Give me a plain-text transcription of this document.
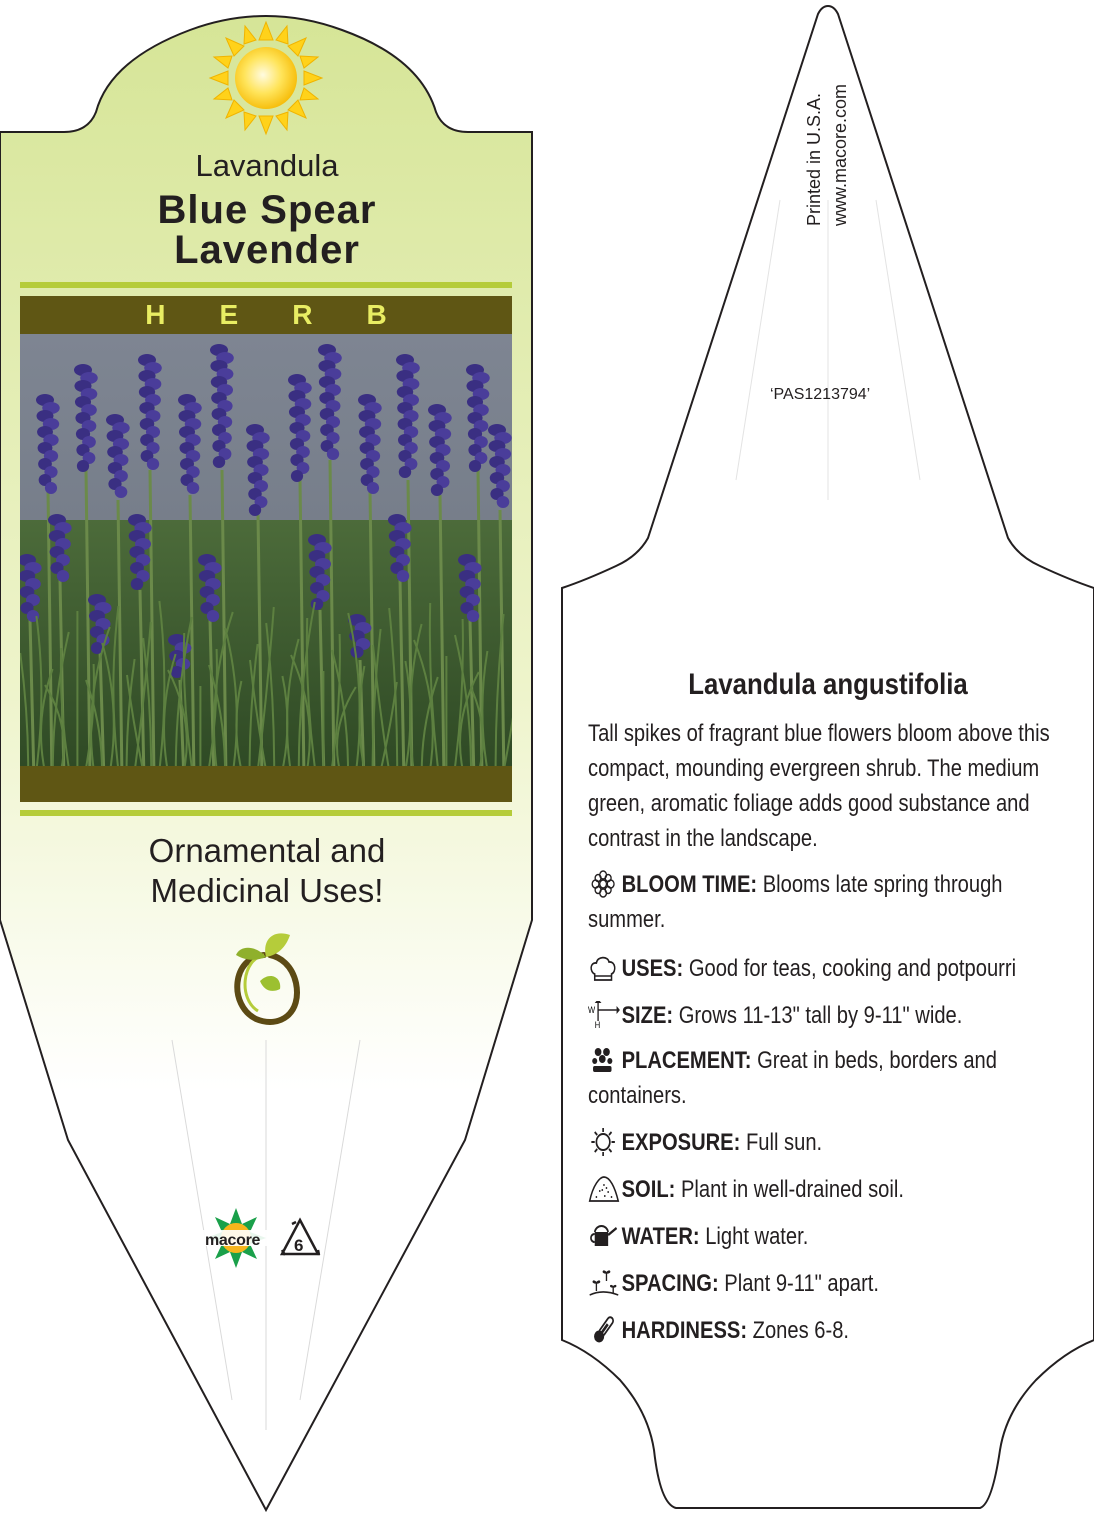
Lavandula
Blue Spear
Lavender
H E R B
Ornamental and
Medicinal Uses!
macore 6
Printed in U.S.A. www.macore.com
‘PAS1213794’
Lavandula angustifolia
Tall spikes of fragrant blue flowers bloom above this compact, mounding evergreen shrub. The medium green, aromatic foliage adds good substance and contrast in the landscape.
BLOOM TIME: Blooms late spring through summer.
USES: Good for teas, cooking and potpourri
W
H SIZE: Grows 11-13" tall by 9-11" wide.
PLACEMENT: Great in beds, borders and containers.
EXPOSURE: Full sun.
SOIL: Plant in well-drained soil.
WATER: Light water.
SPACING: Plant 9-11" apart.
HARDINESS: Zones 6-8.
